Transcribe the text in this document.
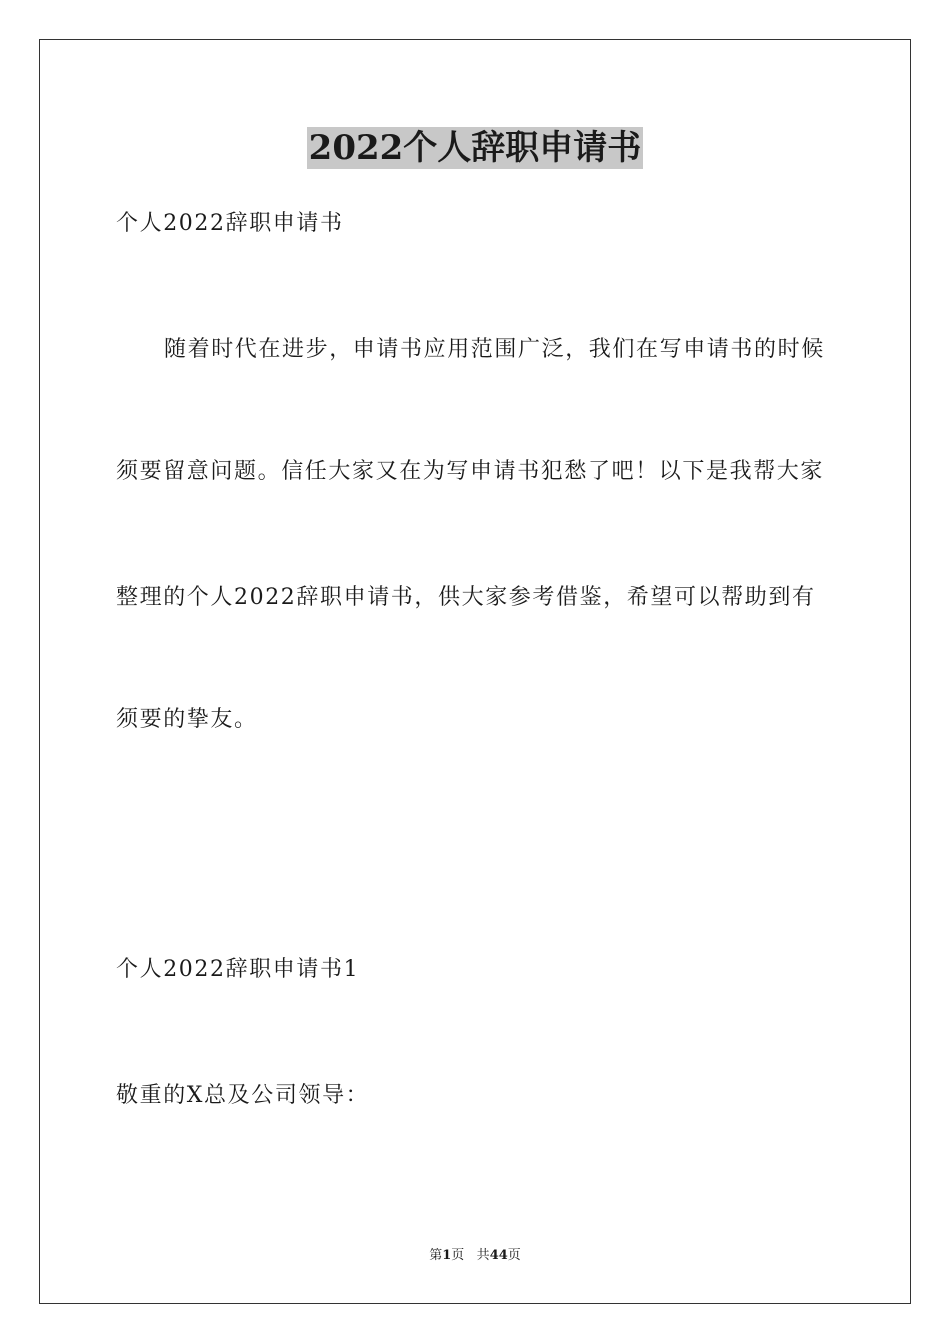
2022个人辞职申请书
个人2022辞职申请书
随着时代在进步，申请书应用范围广泛，我们在写申请书的时候
须要留意问题。信任大家又在为写申请书犯愁了吧！以下是我帮大家
整理的个人2022辞职申请书，供大家参考借鉴，希望可以帮助到有
须要的挚友。
个人2022辞职申请书1
敬重的X总及公司领导：
第1页 共44页
